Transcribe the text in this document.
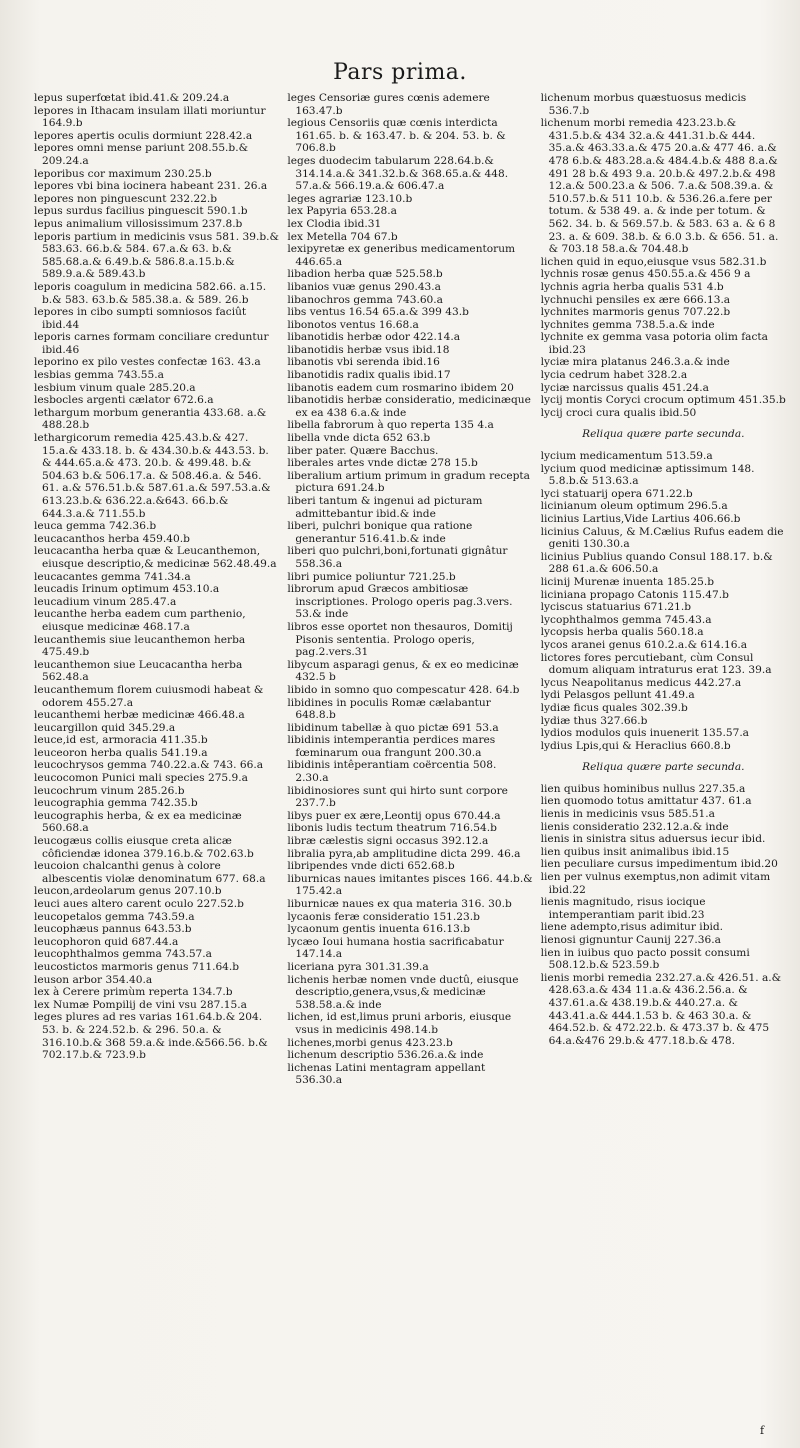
Pars prima.

lepus superfœtat ibid.41.& 209.24.a

lepores in Ithacam insulam illati moriuntur 164.9.b

lepores apertis oculis dormiunt 228.42.a

lepores omni mense pariunt 208.55.b.& 209.24.a

leporibus cor maximum 230.25.b

lepores vbi bina iocinera habeant 231. 26.a

lepores non pinguescunt 232.22.b

lepus surdus facilius pinguescit 590.1.b

lepus animalium villosissimum 237.8.b

leporis partium in medicinis vsus 581. 39.b.& 583.63. 66.b.& 584. 67.a.& 63. b.& 585.68.a.& 6.49.b.& 586.8.a.15.b.& 589.9.a.& 589.43.b

leporis coagulum in medicina 582.66. a.15. b.& 583. 63.b.& 585.38.a. & 589. 26.b

lepores in cibo sumpti somniosos faciût ibid.44

leporis carnes formam conciliare creduntur ibid.46

leporino ex pilo vestes confectæ 163. 43.a

lesbias gemma 743.55.a

lesbium vinum quale 285.20.a

lesbocles argenti cælator 672.6.a

lethargum morbum generantia 433.68. a.& 488.28.b

lethargicorum remedia 425.43.b.& 427. 15.a.& 433.18. b. & 434.30.b.& 443.53. b. & 444.65.a.& 473. 20.b. & 499.48. b.& 504.63 b.& 506.17.a. & 508.46.a. & 546. 61. a.& 576.51.b.& 587.61.a.& 597.53.a.& 613.23.b.& 636.22.a.&643. 66.b.& 644.3.a.& 711.55.b

leuca gemma 742.36.b

leucacanthos herba 459.40.b

leucacantha herba quæ & Leucanthemon, eiusque descriptio,& medicinæ 562.48.49.a

leucacantes gemma 741.34.a

leucadis Irinum optimum 453.10.a

leucadium vinum 285.47.a

leucanthe herba eadem cum parthenio, eiusque medicinæ 468.17.a

leucanthemis siue leucanthemon herba 475.49.b

leucanthemon siue Leucacantha herba 562.48.a

leucanthemum florem cuiusmodi habeat & odorem 455.27.a

leucanthemi herbæ medicinæ 466.48.a

leucargillon quid 345.29.a

leuce,id est, armoracia 411.35.b

leuceoron herba qualis 541.19.a

leucochrysos gemma 740.22.a.& 743. 66.a

leucocomon Punici mali species 275.9.a

leucochrum vinum 285.26.b

leucographia gemma 742.35.b

leucographis herba, & ex ea medicinæ 560.68.a

leucogæus collis eiusque creta alicæ côficiendæ idonea 379.16.b.& 702.63.b

leucoion chalcanthi genus à colore albescentis violæ denominatum 677. 68.a

leucon,ardeolarum genus 207.10.b

leuci aues altero carent oculo 227.52.b

leucopetalos gemma 743.59.a

leucophæus pannus 643.53.b

leucophoron quid 687.44.a

leucophthalmos gemma 743.57.a

leucostictos marmoris genus 711.64.b

leuson arbor 354.40.a

lex à Cerere primùm reperta 134.7.b

lex Numæ Pompilij de vini vsu 287.15.a

leges plures ad res varias 161.64.b.& 204. 53. b. & 224.52.b. & 296. 50.a. & 316.10.b.& 368 59.a.& inde.&566.56. b.& 702.17.b.& 723.9.b

leges Censoriæ gures cœnis ademere 163.47.b

legious Censoriis quæ cœnis interdicta 161.65. b. & 163.47. b. & 204. 53. b. & 706.8.b

leges duodecim tabularum 228.64.b.& 314.14.a.& 341.32.b.& 368.65.a.& 448. 57.a.& 566.19.a.& 606.47.a

leges agrariæ 123.10.b

lex Papyria 653.28.a

lex Clodia ibid.31

lex Metella 704 67.b

lexipyretæ ex generibus medicamentorum 446.65.a

libadion herba quæ 525.58.b

libanios vuæ genus 290.43.a

libanochros gemma 743.60.a

libs ventus 16.54 65.a.& 399 43.b

libonotos ventus 16.68.a

libanotidis herbæ odor 422.14.a

libanotidis herbæ vsus ibid.18

libanotis vbi serenda ibid.16

libanotidis radix qualis ibid.17

libanotis eadem cum rosmarino ibidem 20

libanotidis herbæ consideratio, medicinæque ex ea 438 6.a.& inde

libella fabrorum à quo reperta 135 4.a

libella vnde dicta 652 63.b

liber pater. Quære Bacchus.

liberales artes vnde dictæ 278 15.b

liberalium artium primum in gradum recepta pictura 691.24.b

liberi tantum & ingenui ad picturam admittebantur ibid.& inde

liberi, pulchri bonique qua ratione generantur 516.41.b.& inde

liberi quo pulchri,boni,fortunati gignâtur 558.36.a

libri pumice poliuntur 721.25.b

librorum apud Græcos ambitiosæ inscriptiones. Prologo operis pag.3.vers. 53.& inde

libros esse oportet non thesauros, Domitij Pisonis sententia. Prologo operis, pag.2.vers.31

libycum asparagi genus, & ex eo medicinæ 432.5 b

libido in somno quo compescatur 428. 64.b

libidines in poculis Romæ cælabantur 648.8.b

libidinum tabellæ à quo pictæ 691 53.a

libidinis intemperantia perdices mares fœminarum oua frangunt 200.30.a

libidinis intêperantiam coërcentia 508. 2.30.a

libidinosiores sunt qui hirto sunt corpore 237.7.b

libys puer ex ære,Leontij opus 670.44.a

libonis ludis tectum theatrum 716.54.b

libræ cælestis signi occasus 392.12.a

libralia pyra,ab amplitudine dicta 299. 46.a

libripendes vnde dicti 652.68.b

liburnicas naues imitantes pisces 166. 44.b.& 175.42.a

liburnicæ naues ex qua materia 316. 30.b

lycaonis feræ consideratio 151.23.b

lycaonum gentis inuenta 616.13.b

lycæo Ioui humana hostia sacrificabatur 147.14.a

liceriana pyra 301.31.39.a

lichenis herbæ nomen vnde ductû, eiusque descriptio,genera,vsus,& medicinæ 538.58.a.& inde

lichen, id est,limus pruni arboris, eiusque vsus in medicinis 498.14.b

lichenes,morbi genus 423.23.b

lichenum descriptio 536.26.a.& inde

lichenas Latini mentagram appellant 536.30.a

lichenum morbus quæstuosus medicis 536.7.b

lichenum morbi remedia 423.23.b.& 431.5.b.& 434 32.a.& 441.31.b.& 444. 35.a.& 463.33.a.& 475 20.a.& 477 46. a.& 478 6.b.& 483.28.a.& 484.4.b.& 488 8.a.& 491 28 b.& 493 9.a. 20.b.& 497.2.b.& 498 12.a.& 500.23.a & 506. 7.a.& 508.39.a. & 510.57.b.& 511 10.b. & 536.26.a.fere per totum. & 538 49. a. & inde per totum. & 562. 34. b. & 569.57.b. & 583. 63 a. & 6 8 23. a. & 609. 38.b. & 6.0 3.b. & 656. 51. a. & 703.18 58.a.& 704.48.b

lichen quid in equo,eiusque vsus 582.31.b

lychnis rosæ genus 450.55.a.& 456 9 a

lychnis agria herba qualis 531 4.b

lychnuchi pensiles ex ære 666.13.a

lychnites marmoris genus 707.22.b

lychnites gemma 738.5.a.& inde

lychnite ex gemma vasa potoria olim facta ibid.23

lyciæ mira platanus 246.3.a.& inde

lycia cedrum habet 328.2.a

lyciæ narcissus qualis 451.24.a

lycij montis Coryci crocum optimum 451.35.b

lycij croci cura qualis ibid.50

Reliqua quære parte secunda.

lycium medicamentum 513.59.a

lycium quod medicinæ aptissimum 148. 5.8.b.& 513.63.a

lyci statuarij opera 671.22.b

licinianum oleum optimum 296.5.a

licinius Lartius,Vide Lartius 406.66.b

licinius Caluus, & M.Cælius Rufus eadem die geniti 130.30.a

licinius Publius quando Consul 188.17. b.& 288 61.a.& 606.50.a

licinij Murenæ inuenta 185.25.b

liciniana propago Catonis 115.47.b

lyciscus statuarius 671.21.b

lycophthalmos gemma 745.43.a

lycopsis herba qualis 560.18.a

lycos aranei genus 610.2.a.& 614.16.a

lictores fores percutiebant, cùm Consul domum aliquam intraturus erat 123. 39.a

lycus Neapolitanus medicus 442.27.a

lydi Pelasgos pellunt 41.49.a

lydiæ ficus quales 302.39.b

lydiæ thus 327.66.b

lydios modulos quis inuenerit 135.57.a

lydius Lpis,qui & Heraclius 660.8.b

Reliqua quære parte secunda.

lien quibus hominibus nullus 227.35.a

lien quomodo totus amittatur 437. 61.a

lienis in medicinis vsus 585.51.a

lienis consideratio 232.12.a.& inde

lienis in sinistra situs aduersus iecur ibid.

lien quibus insit animalibus ibid.15

lien peculiare cursus impedimentum ibid.20

lien per vulnus exemptus,non adimit vitam ibid.22

lienis magnitudo, risus iocique intemperantiam parit ibid.23

liene adempto,risus adimitur ibid.

lienosi gignuntur Caunij 227.36.a

lien in iuibus quo pacto possit consumi 508.12.b.& 523.59.b

lienis morbi remedia 232.27.a.& 426.51. a.& 428.63.a.& 434 11.a.& 436.2.56.a. & 437.61.a.& 438.19.b.& 440.27.a. & 443.41.a.& 444.1.53 b. & 463 30.a. & 464.52.b. & 472.22.b. & 473.37 b. & 475 64.a.&476 29.b.& 477.18.b.& 478.

f
